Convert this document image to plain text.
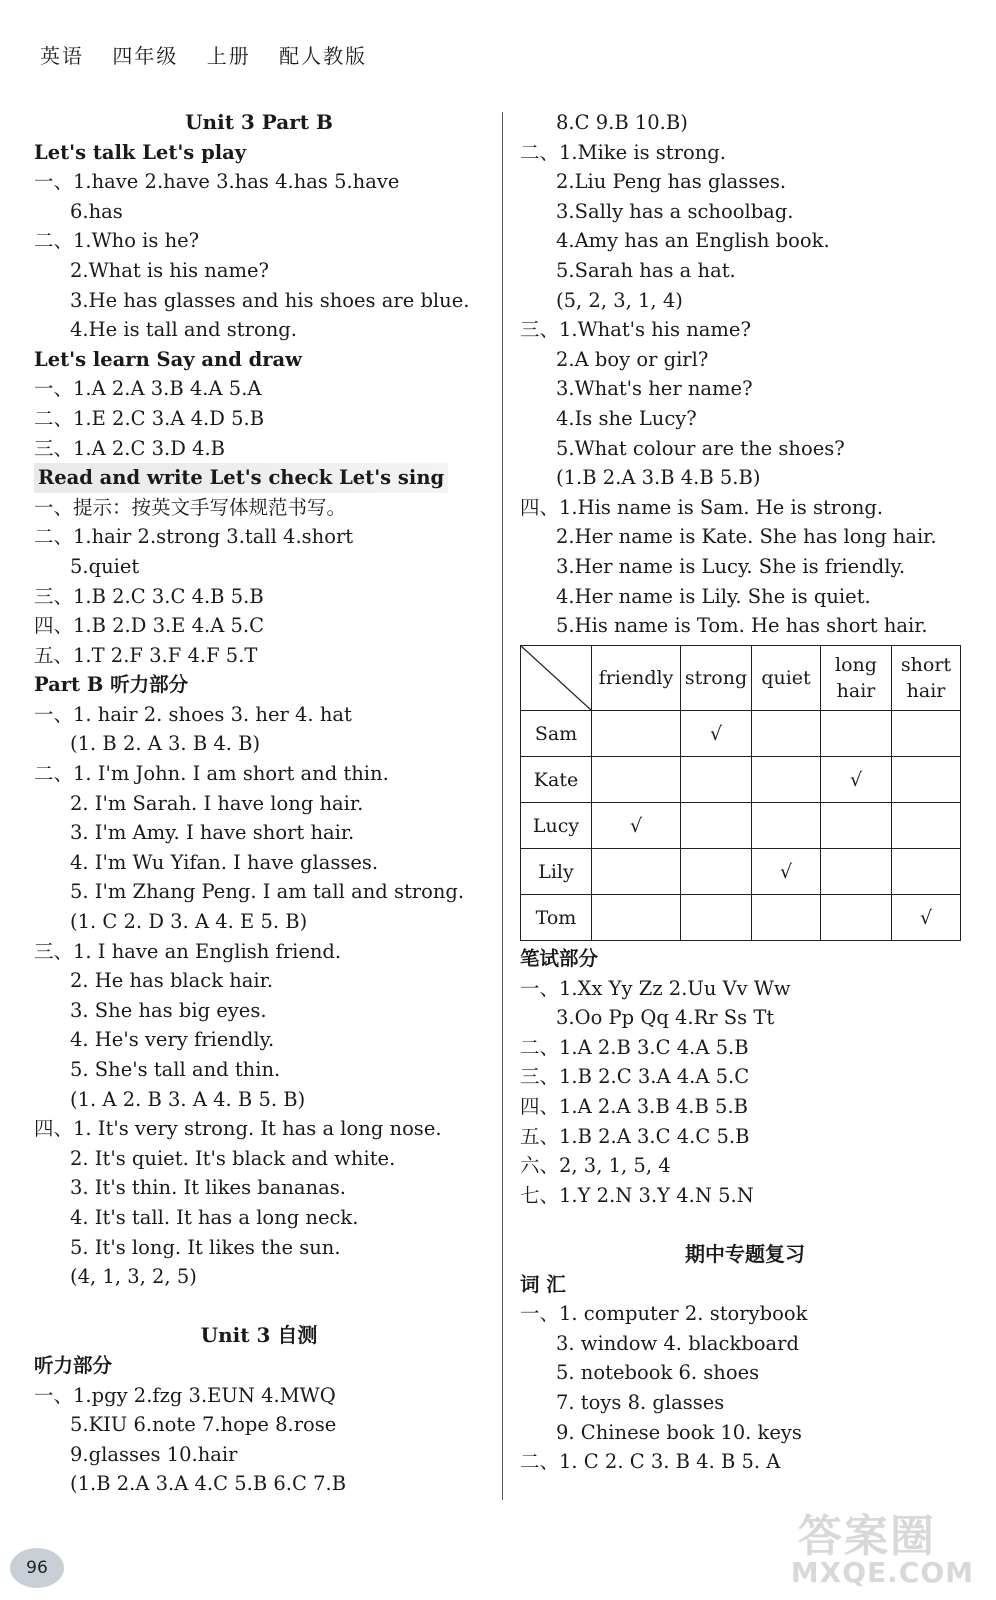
英语 四年级 上册 配人教版
Unit 3 Part B
Let's talk Let's play
一、1.have 2.have 3.has 4.has 5.have
6.has
二、1.Who is he?
2.What is his name?
3.He has glasses and his shoes are blue.
4.He is tall and strong.
Let's learn Say and draw
一、1.A 2.A 3.B 4.A 5.A
二、1.E 2.C 3.A 4.D 5.B
三、1.A 2.C 3.D 4.B
Read and write Let's check Let's sing
一、提示：按英文手写体规范书写。
二、1.hair 2.strong 3.tall 4.short
5.quiet
三、1.B 2.C 3.C 4.B 5.B
四、1.B 2.D 3.E 4.A 5.C
五、1.T 2.F 3.F 4.F 5.T
Part B 听力部分
一、1. hair 2. shoes 3. her 4. hat
(1. B 2. A 3. B 4. B)
二、1. I'm John. I am short and thin.
2. I'm Sarah. I have long hair.
3. I'm Amy. I have short hair.
4. I'm Wu Yifan. I have glasses.
5. I'm Zhang Peng. I am tall and strong.
(1. C 2. D 3. A 4. E 5. B)
三、1. I have an English friend.
2. He has black hair.
3. She has big eyes.
4. He's very friendly.
5. She's tall and thin.
(1. A 2. B 3. A 4. B 5. B)
四、1. It's very strong. It has a long nose.
2. It's quiet. It's black and white.
3. It's thin. It likes bananas.
4. It's tall. It has a long neck.
5. It's long. It likes the sun.
(4, 1, 3, 2, 5)
Unit 3 自测
听力部分
一、1.pgy 2.fzg 3.EUN 4.MWQ
5.KIU 6.note 7.hope 8.rose
9.glasses 10.hair
(1.B 2.A 3.A 4.C 5.B 6.C 7.B
8.C 9.B 10.B)
二、1.Mike is strong.
2.Liu Peng has glasses.
3.Sally has a schoolbag.
4.Amy has an English book.
5.Sarah has a hat.
(5, 2, 3, 1, 4)
三、1.What's his name?
2.A boy or girl?
3.What's her name?
4.Is she Lucy?
5.What colour are the shoes?
(1.B 2.A 3.B 4.B 5.B)
四、1.His name is Sam. He is strong.
2.Her name is Kate. She has long hair.
3.Her name is Lucy. She is friendly.
4.Her name is Lily. She is quiet.
5.His name is Tom. He has short hair.
	friendly	strong	quiet	long hair	short hair
Sam		√			
Kate				√	
Lucy	√				
Lily			√		
Tom					√
笔试部分
一、1.Xx Yy Zz 2.Uu Vv Ww
3.Oo Pp Qq 4.Rr Ss Tt
二、1.A 2.B 3.C 4.A 5.B
三、1.B 2.C 3.A 4.A 5.C
四、1.A 2.A 3.B 4.B 5.B
五、1.B 2.A 3.C 4.C 5.B
六、2, 3, 1, 5, 4
七、1.Y 2.N 3.Y 4.N 5.N
期中专题复习
词 汇
一、1. computer 2. storybook
3. window 4. blackboard
5. notebook 6. shoes
7. toys 8. glasses
9. Chinese book 10. keys
二、1. C 2. C 3. B 4. B 5. A
96
答案圈
MXQE.COM
